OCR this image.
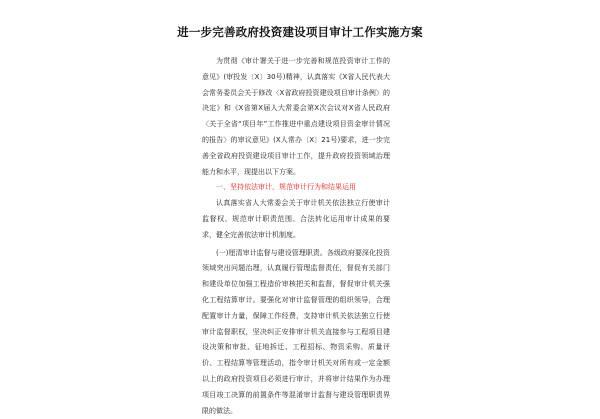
进一步完善政府投资建设项目审计工作实施方案

为贯彻《审计署关于进一步完善和规范投资审计工作的意见》(审投发〔X〕30号)精神，认真落实《X省人民代表大会常务委员会关于修改〈X省政府投资建设项目审计条例〉的决定》和《X省第X届人大常委会第X次会议对X省人民政府〈关于全省“项目年”工作推进中重点建设项目资金审计情况的报告〉的审议意见》(X人常办〔X〕21号)要求，进一步完善全省政府投资建设项目审计工作，提升政府投资领域治理能力和水平，现提出以下方案。

一、坚持依法审计，规范审计行为和结果运用

认真落实省人大常委会关于审计机关依法独立行使审计监督权、规范审计职责范围、合法转化运用审计成果的要求，健全完善依法审计机制度。

(一)厘清审计监督与建设管理职责。各级政府要深化投资领域突出问题治理，认真履行管理监督责任，督促有关部门和建设单位加强工程造价审核把关和监督，督促审计机关强化工程结算审计。要强化对审计监督管理的组织领导，合理配置审计力量，保障工作经费，支持审计机关依法独立行使审计监督职权，坚决纠正安排审计机关直接参与工程项目建设决策和审批、征地拆迁、工程招标、物资采购、质量评价、工程结算等管理活动，指令审计机关对所有或一定金额以上的政府投资项目必须进行审计，并将审计结果作为办理项目竣工决算的前置条件等混淆审计监督与建设管理职责界限的做法。
